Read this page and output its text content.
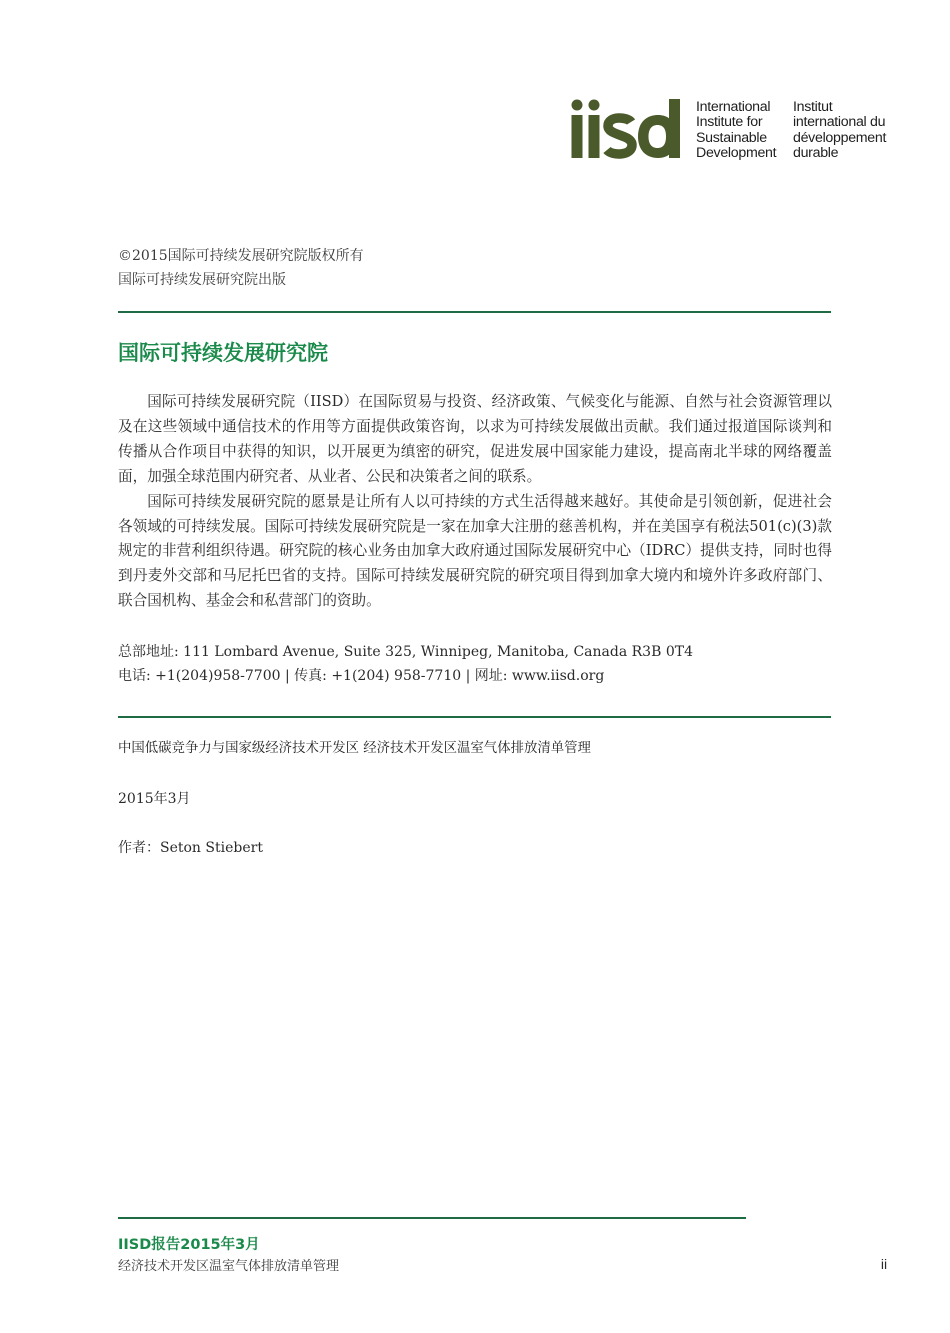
International
Institute for
Sustainable
Development
Institut
international du
développement
durable
©2015国际可持续发展研究院版权所有
国际可持续发展研究院出版
国际可持续发展研究院

国际可持续发展研究院（IISD）在国际贸易与投资、经济政策、气候变化与能源、自然与社会资源管理以及在这些领域中通信技术的作用等方面提供政策咨询，以求为可持续发展做出贡献。我们通过报道国际谈判和传播从合作项目中获得的知识，以开展更为缜密的研究，促进发展中国家能力建设，提高南北半球的网络覆盖面，加强全球范围内研究者、从业者、公民和决策者之间的联系。

国际可持续发展研究院的愿景是让所有人以可持续的方式生活得越来越好。其使命是引领创新，促进社会各领域的可持续发展。国际可持续发展研究院是一家在加拿大注册的慈善机构，并在美国享有税法501(c)(3)款规定的非营利组织待遇。研究院的核心业务由加拿大政府通过国际发展研究中心（IDRC）提供支持，同时也得到丹麦外交部和马尼托巴省的支持。国际可持续发展研究院的研究项目得到加拿大境内和境外许多政府部门、联合国机构、基金会和私营部门的资助。

总部地址: 111 Lombard Avenue, Suite 325, Winnipeg, Manitoba, Canada R3B 0T4
电话: +1(204)958-7700 | 传真: +1(204) 958-7710 | 网址: www.iisd.org
中国低碳竞争力与国家级经济技术开发区 经济技术开发区温室气体排放清单管理
2015年3月
作者：Seton Stiebert
IISD报告2015年3月
经济技术开发区温室气体排放清单管理	ii
